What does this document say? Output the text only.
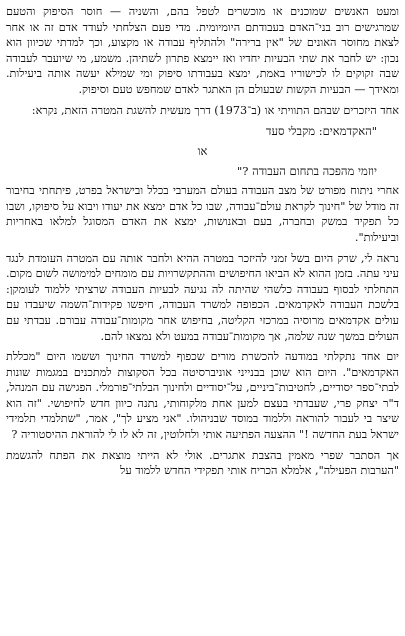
ומעט האנשים שמוכנים או מוכשרים לטפל בהם, והשניה — חוסר הסיפוק והטעם שמרגישים רוב בני־האדם בעבודתם היומיומית. מדי פעם הצלחתי לעודד אדם זה או אחר לצאת מחוסר האונים של "אין ברירה" ולהתליף עבודה או מקצוע, וכך למדתי שכיוון הוא נכון: יש לחבר את שתי הבעיות יחדיו ואז יימצא פתרון לשתיהן. משמע, מי שיועבר לעבודה שבה זקוקים לו לכישוריו באמת, ימצא בעבודתו סיפוק ומי שמילא יעשה אותה ביעילות. ומאידך — הבעיות הקשות שבעולם הן האתגר לאדם שמחפש טעם וסיפוק.

אחד היזכרים שבהם התוויתי או (ב־1973) דרך מעשית להשגת המטרה הזאת, נקרא:

"האקדמאים: מקבלי סעד

או

יוזמי מהפכה בתחום העבודה ?"

אחרי ניתוח מפורט של מצב העבודה בעולם המערבי בכלל ובישראל בפרט, פיתחתי בחיבור זה מודל של "חינוך לקראת עולם־עבודה, שבו כל אדם ימצא את יעודו ויבוא על סיפוקו, ושבו כל תפקיד במשק ובחברה, בעם ובאנושות, ימצא את האדם המסוגל למלאו באחריות וביעילות".

נראה לי, שרק היום בשל זמני להיזכר במטרה ההיא ולחבר אותה עם המטרה העומדת לנגד עיני עתה. בזמן ההוא לא הביאו החיפושים וההתקשרויות עם מומחים למימושה לשום מקום. התחלתי לבסוף בעבודה כלשהי שהיתה לה נגיעה לבעיות העבודה שרציתי ללמוד לעומקן: בלשכת העבודה לאקדמאים. הכפופה למשרד העבודה, חיפשו פקידות־השמה שיעבדו עם עולים אקדמאים מרוסיה במרכזי הקליטה, בחיפוש אחר מקומות־עבודה עבורם. עבדתי עם העולים במשך שנה שלמה, אך מקומות־עבודה במעט ולא נמצאו להם.

יום אחד נתקלתי במודעה להכשרת מורים שכפוף למשרד החינוך וששמו היום "מכללת האקדמאים". היום הוא שוכן בבנייני אוניברסיטה בכל הסקוצות למתכנים במגמות שונות לבתי־ספר יסודיים, לחטיבות־ביניים, על־יסודיים ולחינוך הבלתי־פורמלי. הפגישה עם המנהל, ד"ר יצחק פרי, שעבדתי בעצם למען אחת מלקוחותי, נתנה כיוון חדש לחיפושי. "זה הוא שיצר בי לעבור להוראה וללמוד במוסד שבניהולו. "אני מציע לך", אמר, "שתלמדי תלמידי ישראל בעת החדשה !" ההצעה הפתיעה אותי ולחלוטין, זה לא לו לי להוראת ההיסטוריה ?

אך הסתבר שפרי מאמין בהצבת אתגרים. אולי לא הייתי מוצאת את הפתח להגשמת "הערבות הפעילה", אלמלא הכריח אותי תפקידי החדש ללמוד על
